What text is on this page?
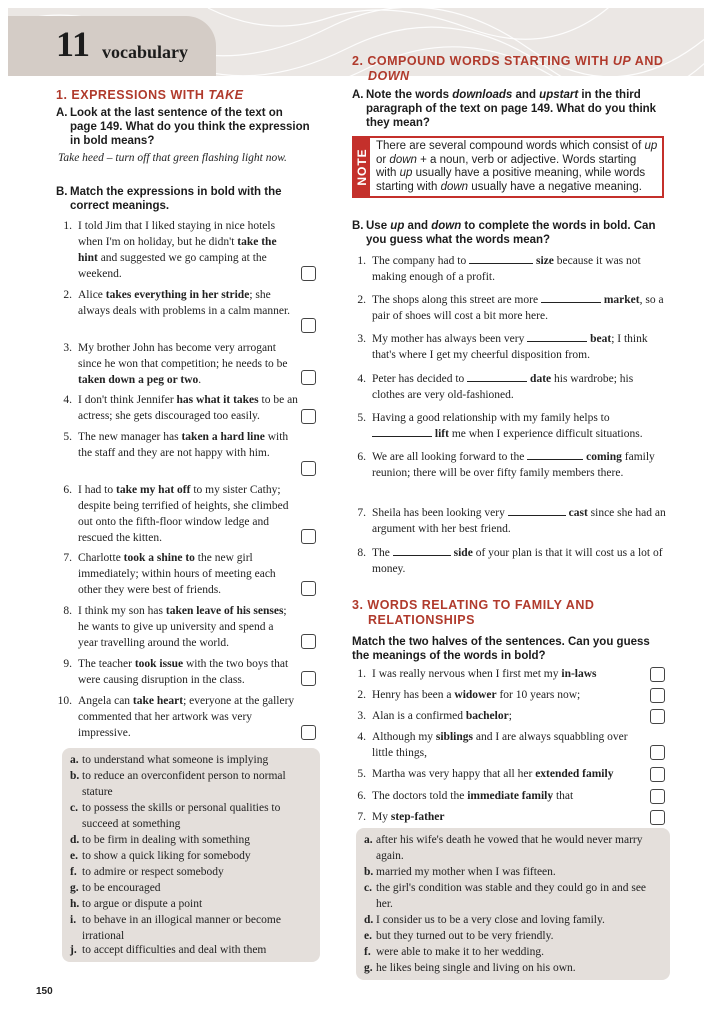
11 vocabulary
1. EXPRESSIONS WITH TAKE
A. Look at the last sentence of the text on page 149. What do you think the expression in bold means?
Take heed – turn off that green flashing light now.
B. Match the expressions in bold with the correct meanings.
1. I told Jim that I liked staying in nice hotels when I'm on holiday, but he didn't take the hint and suggested we go camping at the weekend.
2. Alice takes everything in her stride; she always deals with problems in a calm manner.
3. My brother John has become very arrogant since he won that competition; he needs to be taken down a peg or two.
4. I don't think Jennifer has what it takes to be an actress; she gets discouraged too easily.
5. The new manager has taken a hard line with the staff and they are not happy with him.
6. I had to take my hat off to my sister Cathy; despite being terrified of heights, she climbed out onto the fifth-floor window ledge and rescued the kitten.
7. Charlotte took a shine to the new girl immediately; within hours of meeting each other they were best of friends.
8. I think my son has taken leave of his senses; he wants to give up university and spend a year travelling around the world.
9. The teacher took issue with the two boys that were causing disruption in the class.
10. Angela can take heart; everyone at the gallery commented that her artwork was very impressive.
a. to understand what someone is implying
b. to reduce an overconfident person to normal stature
c. to possess the skills or personal qualities to succeed at something
d. to be firm in dealing with something
e. to show a quick liking for somebody
f. to admire or respect somebody
g. to be encouraged
h. to argue or dispute a point
i. to behave in an illogical manner or become irrational
j. to accept difficulties and deal with them
150
2. COMPOUND WORDS STARTING WITH UP AND
DOWN
A. Note the words downloads and upstart in the third paragraph of the text on page 149. What do you think they mean?
NOTE
There are several compound words which consist of up or down + a noun, verb or adjective. Words starting with up usually have a positive meaning, while words starting with down usually have a negative meaning.
B. Use up and down to complete the words in bold. Can you guess what the words mean?
1. The company had to	size because it was not making enough of a profit.
2. The shops along this street are more	market, so a pair of shoes will cost a bit more here.
3. My mother has always been very	beat; I think that's where I get my cheerful disposition from.
4. Peter has decided to	date his wardrobe; his clothes are very old-fashioned.
5. Having a good relationship with my family helps to  lift me when I experience difficult situations.
6. We are all looking forward to the	coming family reunion; there will be over fifty family members there.
7. Sheila has been looking very	cast since she had an argument with her best friend.
8. The	side of your plan is that it will cost us a lot of money.
3. WORDS RELATING TO FAMILY AND
RELATIONSHIPS
Match the two halves of the sentences. Can you guess the meanings of the words in bold?
1. I was really nervous when I first met my in-laws
2. Henry has been a widower for 10 years now;
3. Alan is a confirmed bachelor;
4. Although my siblings and I are always squabbling over little things,
5. Martha was very happy that all her extended family
6. The doctors told the immediate family that
7. My step-father
a. after his wife's death he vowed that he would never marry again.
b. married my mother when I was fifteen.
c. the girl's condition was stable and they could go in and see her.
d. I consider us to be a very close and loving family.
e. but they turned out to be very friendly.
f. were able to make it to her wedding.
g. he likes being single and living on his own.
